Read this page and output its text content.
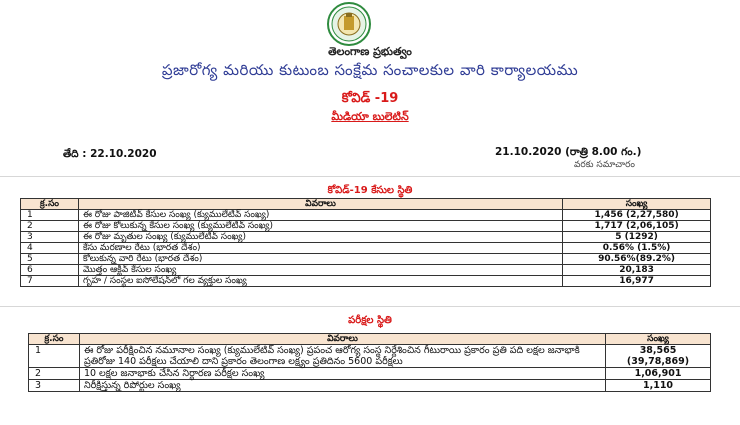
తెలంగాణ ప్రభుత్వం
ప్రజారోగ్య మరియు కుటుంబ సంక్షేమ సంచాలకుల వారి కార్యాలయము
కోవిడ్ -19
మీడియా బులెటిన్
తేది : 22.10.2020	21.10.2020 (రాత్రి 8.00 గం.)
వరకు సమాచారం
కోవిడ్-19 కేసుల స్థితి
క్ర.సం	వివరాలు	సంఖ్య
1	ఈ రోజు పాజిటివ్ కేసుల సంఖ్య (క్యుములేటివ్ సంఖ్య)	1,456 (2,27,580)
2	ఈ రోజు కోలుకున్న కేసుల సంఖ్య (క్యుములేటివ్ సంఖ్య)	1,717 (2,06,105)
3	ఈ రోజు మృతుల సంఖ్య (క్యుములేటివ్ సంఖ్య)	5 (1292)
4	కేసు మరణాల రేటు (భారత దేశం)	0.56% (1.5%)
5	కోలుకున్న వారి రేటు (భారత దేశం)	90.56%(89.2%)
6	మొత్తం ఆక్టివ్ కేసుల సంఖ్య	20,183
7	గృహ / సంస్థల ఐసోలేషన్‌లో గల వ్యక్తుల సంఖ్య	16,977
పరీక్షల స్థితి
క్ర.సం	వివరాలు	సంఖ్య
1	ఈ రోజు పరీక్షించిన నమూనాల సంఖ్య (క్యుములేటివ్ సంఖ్య) ప్రపంచ ఆరోగ్య సంస్థ నిర్దేశించిన గీటురాయి ప్రకారం ప్రతి పది లక్షల జనాభాకి ప్రతిరోజు 140 పరీక్షలు చేయాలి దాని ప్రకారం తెలంగాణ లక్ష్యం ప్రతిదినం 5600 పరీక్షలు	38,565
(39,78,869)

2	10 లక్షల జనాభాకు చేసిన నిర్ధారణ పరీక్షల సంఖ్య	1,06,901
3	నిరీక్షిస్తున్న రిపోర్టుల సంఖ్య	1,110
